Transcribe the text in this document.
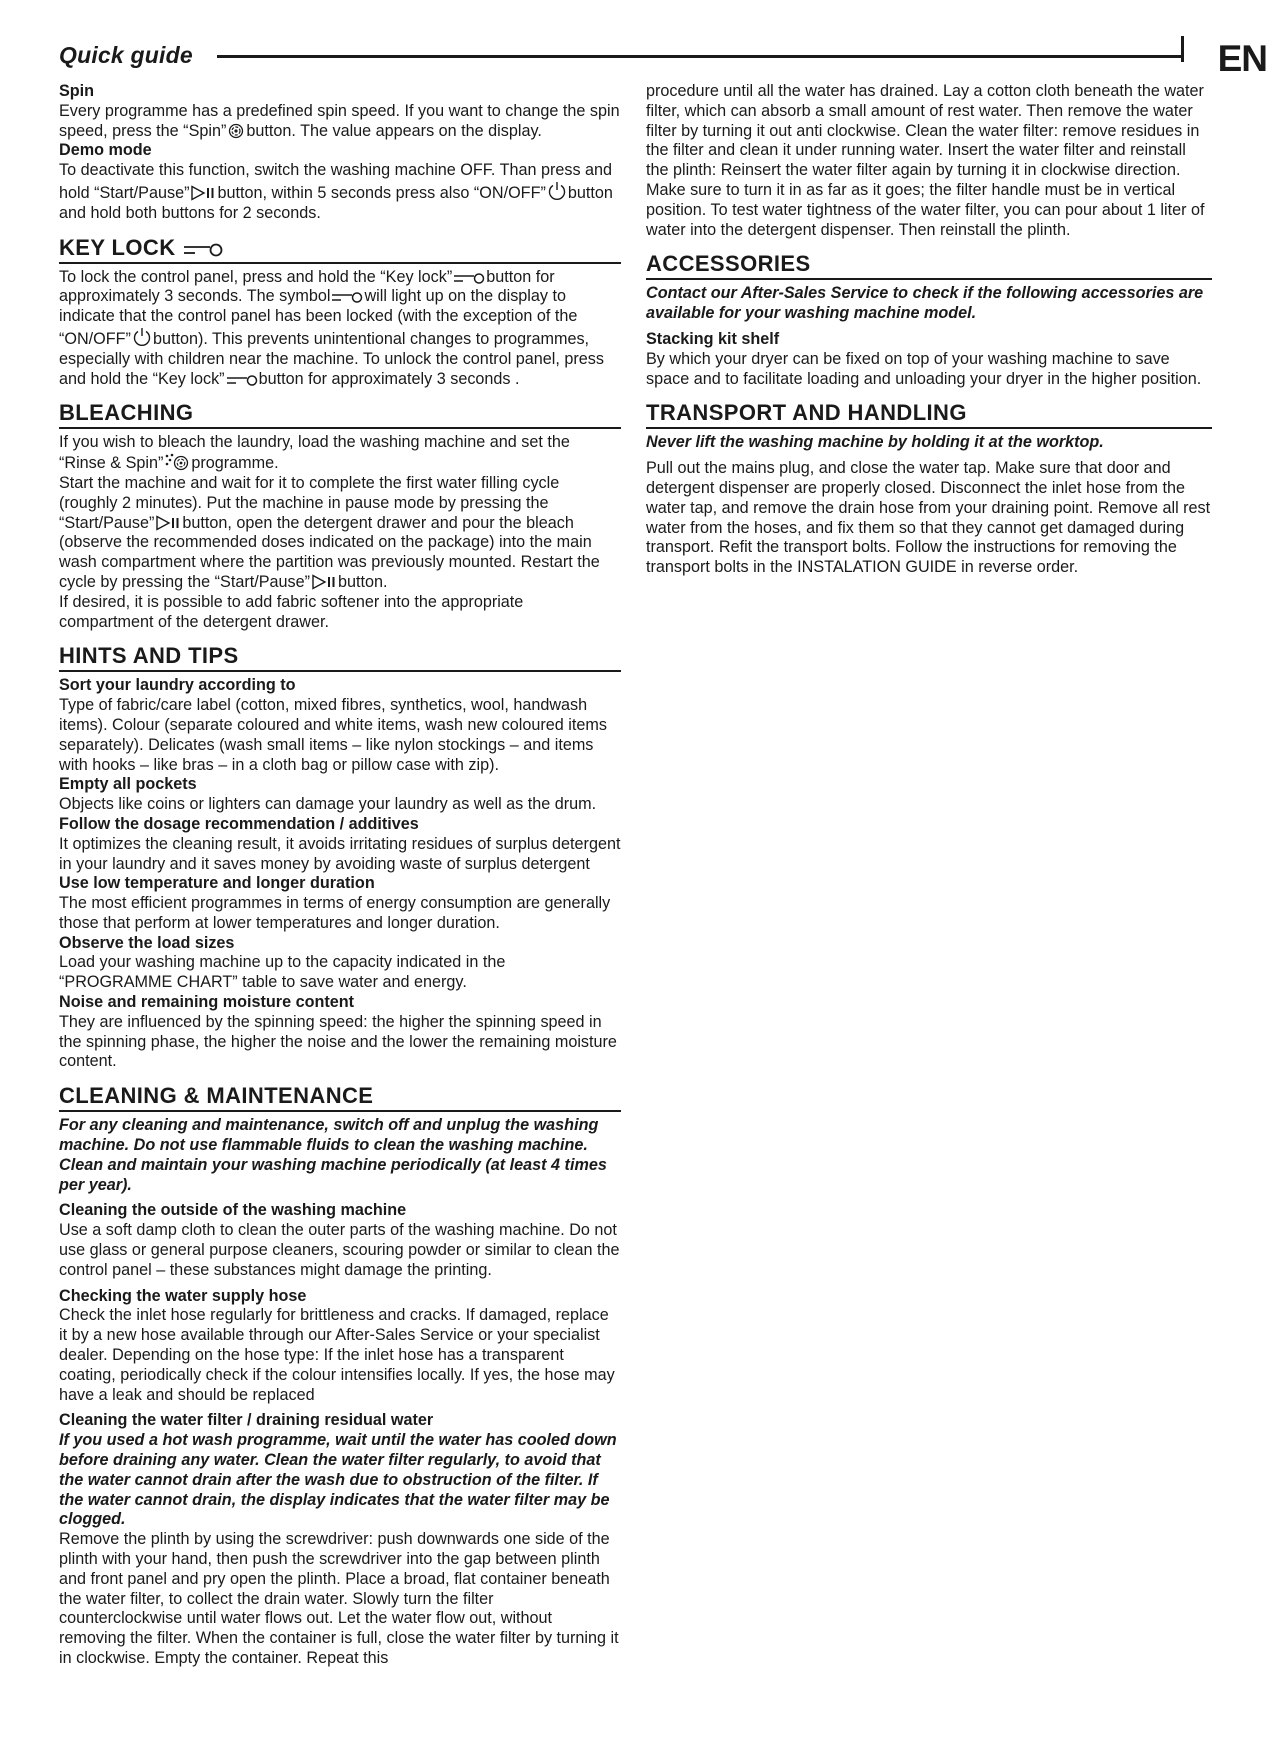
Quick guide	EN
Spin

Every programme has a predefined spin speed. If you want to change the spin speed, press the “Spin” button. The value appears on the display.

Demo mode

To deactivate this function, switch the washing machine OFF. Than press and hold “Start/Pause” button, within 5 seconds press also “ON/OFF” button and hold both buttons for 2 seconds.

KEY LOCK

To lock the control panel, press and hold the “Key lock” button for approximately 3 seconds. The symbol will light up on the display to indicate that the control panel has been locked (with the exception of the “ON/OFF” button). This prevents unintentional changes to programmes, especially with children near the machine. To unlock the control panel, press and hold the “Key lock” button for approximately 3 seconds .

BLEACHING

If you wish to bleach the laundry, load the washing machine and set the “Rinse & Spin” programme.

Start the machine and wait for it to complete the first water filling cycle (roughly 2 minutes). Put the machine in pause mode by pressing the “Start/Pause” button, open the detergent drawer and pour the bleach (observe the recommended doses indicated on the package) into the main wash compartment where the partition was previously mounted. Restart the cycle by pressing the “Start/Pause” button.

If desired, it is possible to add fabric softener into the appropriate compartment of the detergent drawer.

HINTS AND TIPS
Sort your laundry according to

Type of fabric/care label (cotton, mixed fibres, synthetics, wool, handwash items). Colour (separate coloured and white items, wash new coloured items separately). Delicates (wash small items – like nylon stockings – and items with hooks – like bras – in a cloth bag or pillow case with zip).

Empty all pockets

Objects like coins or lighters can damage your laundry as well as the drum.

Follow the dosage recommendation / additives

It optimizes the cleaning result, it avoids irritating residues of surplus detergent in your laundry and it saves money by avoiding waste of surplus detergent

Use low temperature and longer duration

The most efficient programmes in terms of energy consumption are generally those that perform at lower temperatures and longer duration.

Observe the load sizes

Load your washing machine up to the capacity indicated in the “PROGRAMME CHART” table to save water and energy.

Noise and remaining moisture content

They are influenced by the spinning speed: the higher the spinning speed in the spinning phase, the higher the noise and the lower the remaining moisture content.

CLEANING & MAINTENANCE

For any cleaning and maintenance, switch off and unplug the washing machine. Do not use flammable fluids to clean the washing machine. Clean and maintain your washing machine periodically (at least 4 times per year).

Cleaning the outside of the washing machine

Use a soft damp cloth to clean the outer parts of the washing machine. Do not use glass or general purpose cleaners, scouring powder or similar to clean the control panel – these substances might damage the printing.

Checking the water supply hose

Check the inlet hose regularly for brittleness and cracks. If damaged, replace it by a new hose available through our After-Sales Service or your specialist dealer. Depending on the hose type: If the inlet hose has a transparent coating, periodically check if the colour intensifies locally. If yes, the hose may have a leak and should be replaced

Cleaning the water filter / draining residual water

If you used a hot wash programme, wait until the water has cooled down before draining any water. Clean the water filter regularly, to avoid that the water cannot drain after the wash due to obstruction of the filter. If the water cannot drain, the display indicates that the water filter may be clogged.

Remove the plinth by using the screwdriver: push downwards one side of the plinth with your hand, then push the screwdriver into the gap between plinth and front panel and pry open the plinth. Place a broad, flat container beneath the water filter, to collect the drain water. Slowly turn the filter counterclockwise until water flows out. Let the water flow out, without removing the filter. When the container is full, close the water filter by turning it in clockwise. Empty the container. Repeat this

procedure until all the water has drained. Lay a cotton cloth beneath the water filter, which can absorb a small amount of rest water. Then remove the water filter by turning it out anti clockwise. Clean the water filter: remove residues in the filter and clean it under running water. Insert the water filter and reinstall the plinth: Reinsert the water filter again by turning it in clockwise direction. Make sure to turn it in as far as it goes; the filter handle must be in vertical position. To test water tightness of the water filter, you can pour about 1 liter of water into the detergent dispenser. Then reinstall the plinth.

ACCESSORIES

Contact our After-Sales Service to check if the following accessories are available for your washing machine model.

Stacking kit shelf

By which your dryer can be fixed on top of your washing machine to save space and to facilitate loading and unloading your dryer in the higher position.

TRANSPORT AND HANDLING

Never lift the washing machine by holding it at the worktop.

Pull out the mains plug, and close the water tap. Make sure that door and detergent dispenser are properly closed. Disconnect the inlet hose from the water tap, and remove the drain hose from your draining point. Remove all rest water from the hoses, and fix them so that they cannot get damaged during transport. Refit the transport bolts. Follow the instructions for removing the transport bolts in the INSTALATION GUIDE in reverse order.
